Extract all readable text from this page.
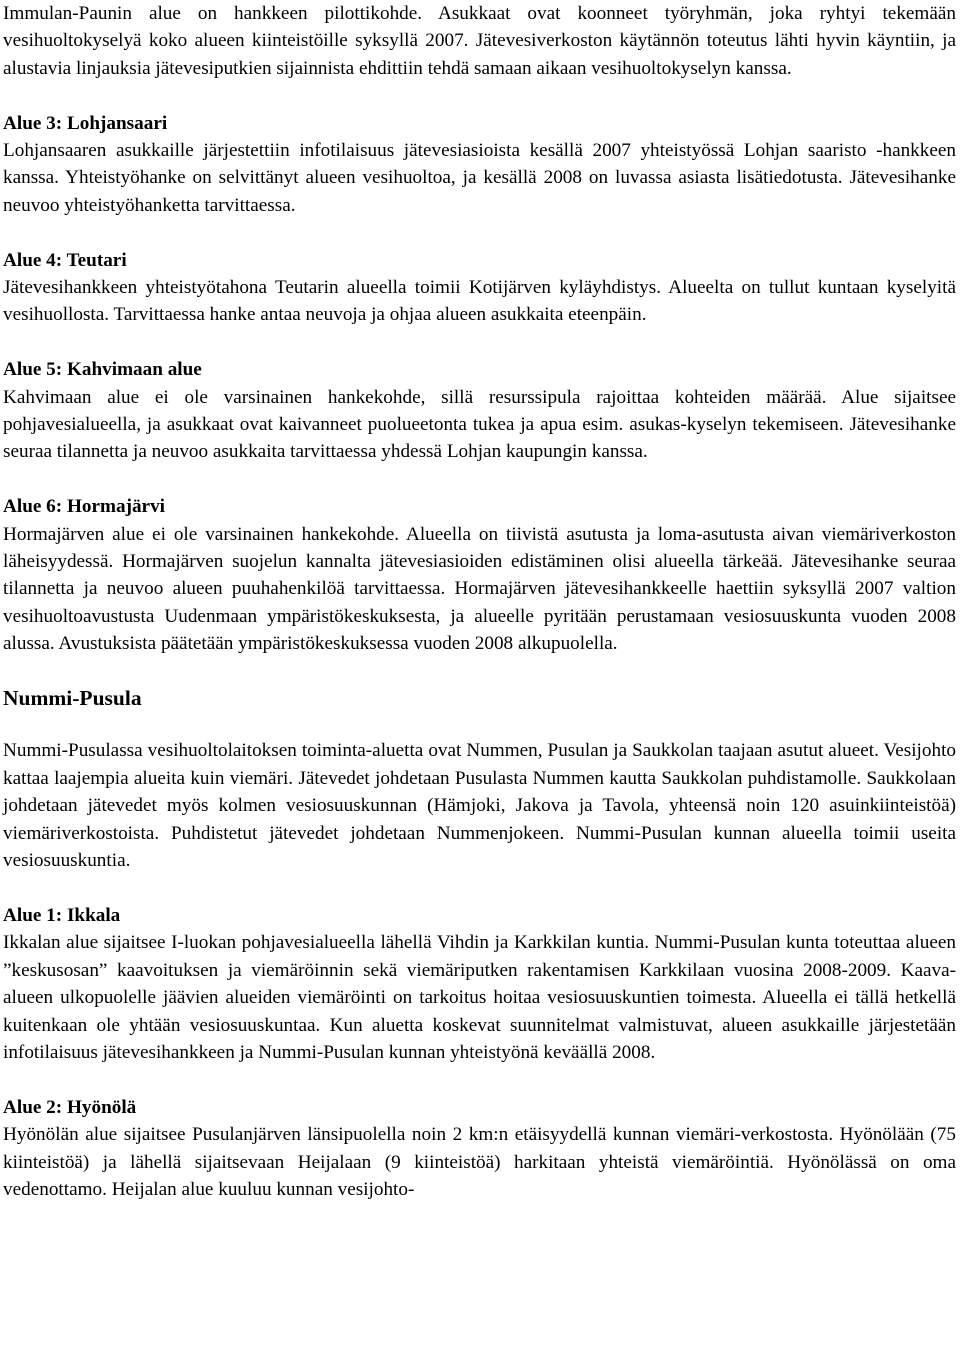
Immulan-Paunin alue on hankkeen pilottikohde. Asukkaat ovat koonneet työryhmän, joka ryhtyi tekemään vesihuoltokyselyä koko alueen kiinteistöille syksyllä 2007. Jätevesiverkoston käytännön toteutus lähti hyvin käyntiin, ja alustavia linjauksia jätevesiputkien sijainnista ehdittiin tehdä samaan aikaan vesihuoltokyselyn kanssa.

Alue 3: Lohjansaari

Lohjansaaren asukkaille järjestettiin infotilaisuus jätevesiasioista kesällä 2007 yhteistyössä Lohjan saaristo -hankkeen kanssa. Yhteistyöhanke on selvittänyt alueen vesihuoltoa, ja kesällä 2008 on luvassa asiasta lisätiedotusta. Jätevesihanke neuvoo yhteistyöhanketta tarvittaessa.

Alue 4: Teutari

Jätevesihankkeen yhteistyötahona Teutarin alueella toimii Kotijärven kyläyhdistys. Alueelta on tullut kuntaan kyselyitä vesihuollosta. Tarvittaessa hanke antaa neuvoja ja ohjaa alueen asukkaita eteenpäin.

Alue 5: Kahvimaan alue

Kahvimaan alue ei ole varsinainen hankekohde, sillä resurssipula rajoittaa kohteiden määrää. Alue sijaitsee pohjavesialueella, ja asukkaat ovat kaivanneet puolueetonta tukea ja apua esim. asukas-kyselyn tekemiseen. Jätevesihanke seuraa tilannetta ja neuvoo asukkaita tarvittaessa yhdessä Lohjan kaupungin kanssa.

Alue 6: Hormajärvi

Hormajärven alue ei ole varsinainen hankekohde. Alueella on tiivistä asutusta ja loma-asutusta aivan viemäriverkoston läheisyydessä. Hormajärven suojelun kannalta jätevesiasioiden edistäminen olisi alueella tärkeää. Jätevesihanke seuraa tilannetta ja neuvoo alueen puuhahenkilöä tarvittaessa. Hormajärven jätevesihankkeelle haettiin syksyllä 2007 valtion vesihuoltoavustusta Uudenmaan ympäristökeskuksesta, ja alueelle pyritään perustamaan vesiosuuskunta vuoden 2008 alussa. Avustuksista päätetään ympäristökeskuksessa vuoden 2008 alkupuolella.

Nummi-Pusula

Nummi-Pusulassa vesihuoltolaitoksen toiminta-aluetta ovat Nummen, Pusulan ja Saukkolan taajaan asutut alueet. Vesijohto kattaa laajempia alueita kuin viemäri. Jätevedet johdetaan Pusulasta Nummen kautta Saukkolan puhdistamolle. Saukkolaan johdetaan jätevedet myös kolmen vesiosuuskunnan (Hämjoki, Jakova ja Tavola, yhteensä noin 120 asuinkiinteistöä) viemäriverkostoista. Puhdistetut jätevedet johdetaan Nummenjokeen. Nummi-Pusulan kunnan alueella toimii useita vesiosuuskuntia.

Alue 1: Ikkala

Ikkalan alue sijaitsee I-luokan pohjavesialueella lähellä Vihdin ja Karkkilan kuntia. Nummi-Pusulan kunta toteuttaa alueen ”keskusosan” kaavoituksen ja viemäröinnin sekä viemäriputken rakentamisen Karkkilaan vuosina 2008-2009. Kaava-alueen ulkopuolelle jäävien alueiden viemäröinti on tarkoitus hoitaa vesiosuuskuntien toimesta. Alueella ei tällä hetkellä kuitenkaan ole yhtään vesiosuuskuntaa. Kun aluetta koskevat suunnitelmat valmistuvat, alueen asukkaille järjestetään infotilaisuus jätevesihankkeen ja Nummi-Pusulan kunnan yhteistyönä keväällä 2008.

Alue 2: Hyönölä

Hyönölän alue sijaitsee Pusulanjärven länsipuolella noin 2 km:n etäisyydellä kunnan viemäri-verkostosta. Hyönölään (75 kiinteistöä) ja lähellä sijaitsevaan Heijalaan (9 kiinteistöä) harkitaan yhteistä viemäröintiä. Hyönölässä on oma vedenottamo. Heijalan alue kuuluu kunnan vesijohto-
